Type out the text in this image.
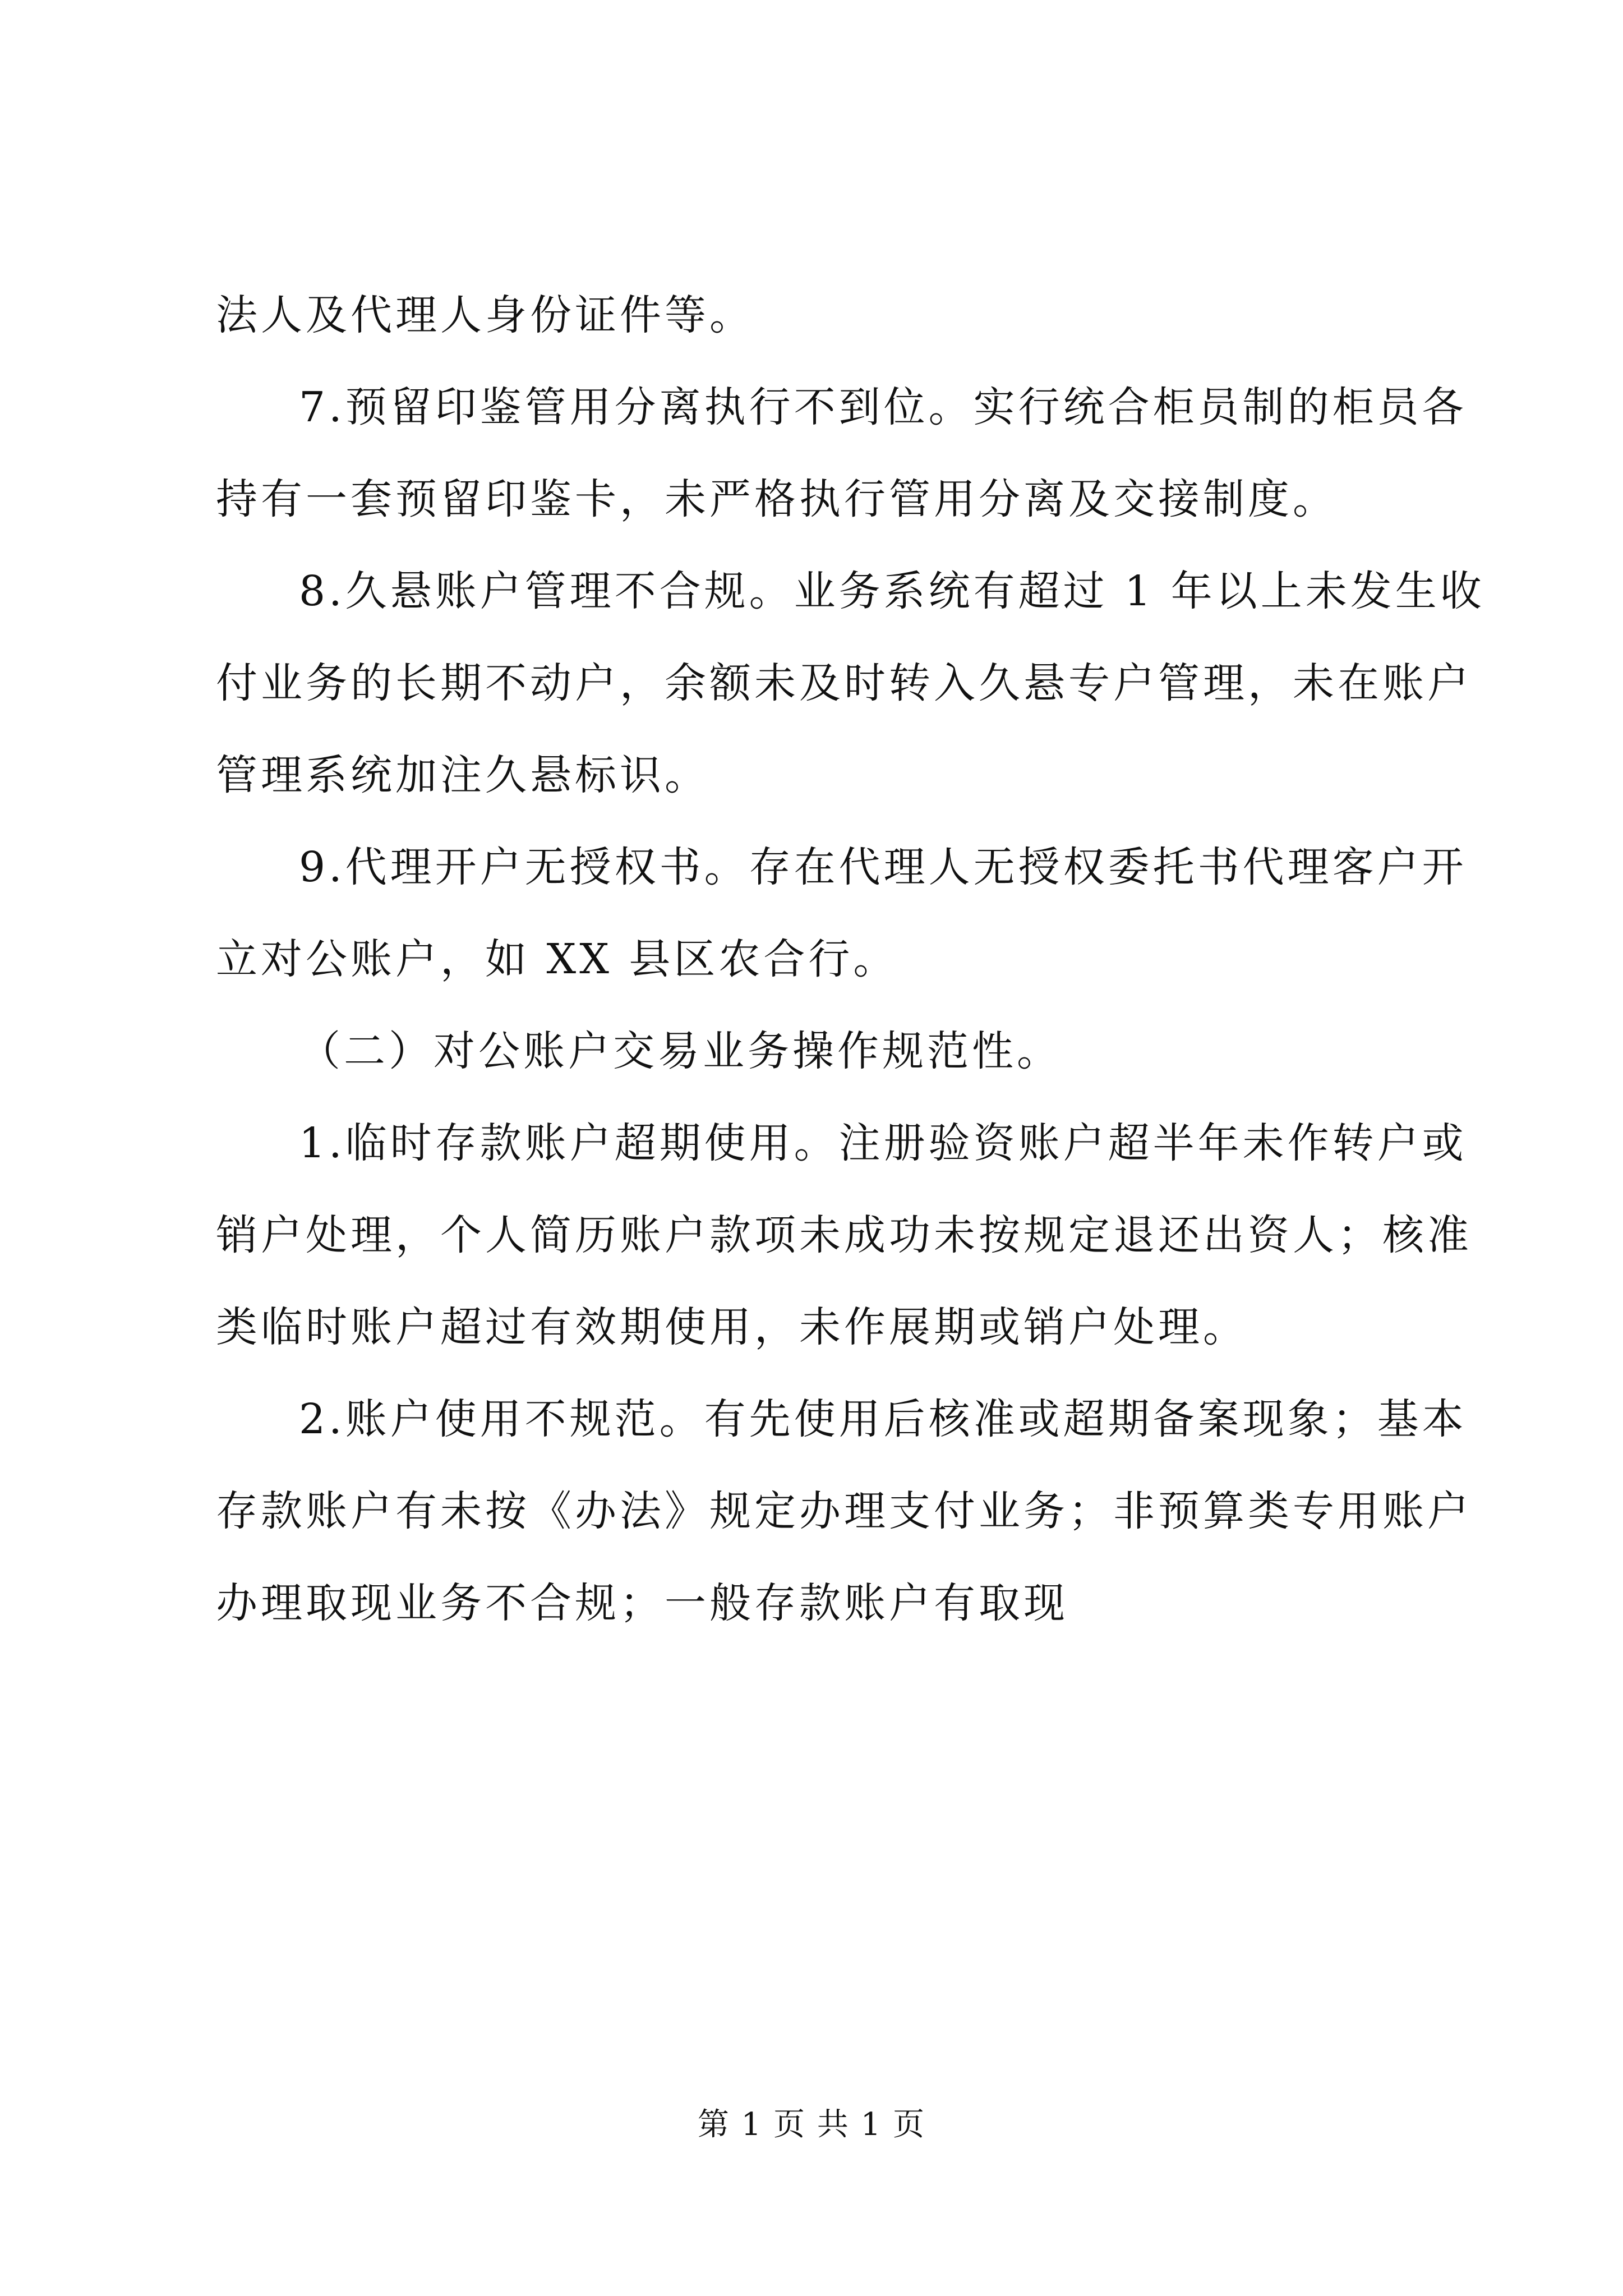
法人及代理人身份证件等。
7.预留印鉴管用分离执行不到位。实行统合柜员制的柜员各
持有一套预留印鉴卡，未严格执行管用分离及交接制度。
8.久悬账户管理不合规。业务系统有超过 1 年以上未发生收
付业务的长期不动户，余额未及时转入久悬专户管理，未在账户
管理系统加注久悬标识。
9.代理开户无授权书。存在代理人无授权委托书代理客户开
立对公账户，如 XX 县区农合行。
（二）对公账户交易业务操作规范性。
1.临时存款账户超期使用。注册验资账户超半年未作转户或
销户处理，个人简历账户款项未成功未按规定退还出资人；核准
类临时账户超过有效期使用，未作展期或销户处理。
2.账户使用不规范。有先使用后核准或超期备案现象；基本
存款账户有未按《办法》规定办理支付业务；非预算类专用账户
办理取现业务不合规；一般存款账户有取现
第 1 页 共 1 页
